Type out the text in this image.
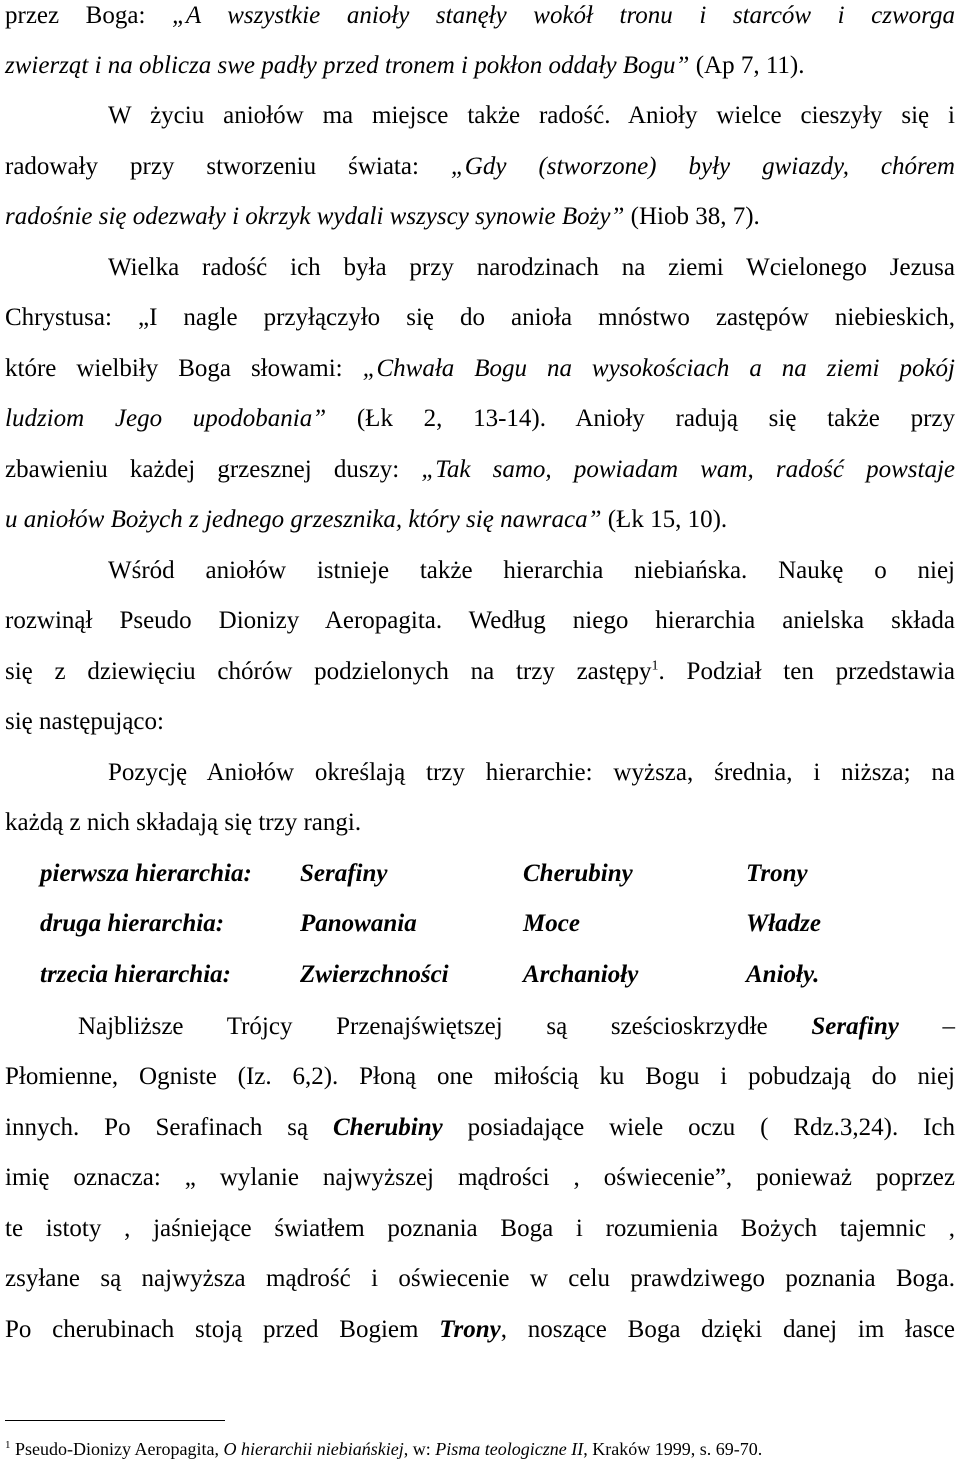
przez Boga: „A wszystkie anioły stanęły wokół tronu i starców i czworga
zwierząt i na oblicza swe padły przed tronem i pokłon oddały Bogu” (Ap 7, 11).
W życiu aniołów ma miejsce także radość. Anioły wielce cieszyły się i
radowały przy stworzeniu świata: „Gdy (stworzone) były gwiazdy, chórem
radośnie się odezwały i okrzyk wydali wszyscy synowie Boży” (Hiob 38, 7).
Wielka radość ich była przy narodzinach na ziemi Wcielonego Jezusa
Chrystusa: „I nagle przyłączyło się do anioła mnóstwo zastępów niebieskich,
które wielbiły Boga słowami: „Chwała Bogu na wysokościach a na ziemi pokój
ludziom Jego upodobania” (Łk 2, 13-14). Anioły radują się także przy
zbawieniu każdej grzesznej duszy: „Tak samo, powiadam wam, radość powstaje
u aniołów Bożych z jednego grzesznika, który się nawraca” (Łk 15, 10).
Wśród aniołów istnieje także hierarchia niebiańska. Naukę o niej
rozwinął Pseudo Dionizy Aeropagita. Według niego hierarchia anielska składa
się z dziewięciu chórów podzielonych na trzy zastępy$^1$. Podział ten przedstawia
się następująco:
Pozycję Aniołów określają trzy hierarchie: wyższa, średnia, i niższa; na
każdą z nich składają się trzy rangi.
pierwsza hierarchia: Serafiny	Cherubiny	Trony
druga hierarchia:	Panowania	Moce	Władze
trzecia hierarchia:	Zwierzchności	Archanioły	Anioły.
Najbliższe Trójcy Przenajświętszej są sześcioskrzydłe Serafiny –
Płomienne, Ogniste (Iz. 6,2). Płoną one miłością ku Bogu i pobudzają do niej
innych. Po Serafinach są Cherubiny posiadające wiele oczu ( Rdz.3,24). Ich
imię oznacza: „ wylanie najwyższej mądrości , oświecenie”, ponieważ poprzez
te istoty , jaśniejące światłem poznania Boga i rozumienia Bożych tajemnic ,
zsyłane są najwyższa mądrość i oświecenie w celu prawdziwego poznania Boga.
Po cherubinach stoją przed Bogiem Trony, noszące Boga dzięki danej im łasce
$^1$ Pseudo-Dionizy Aeropagita, O hierarchii niebiańskiej, w: Pisma teologiczne II, Kraków 1999, s. 69-70.
